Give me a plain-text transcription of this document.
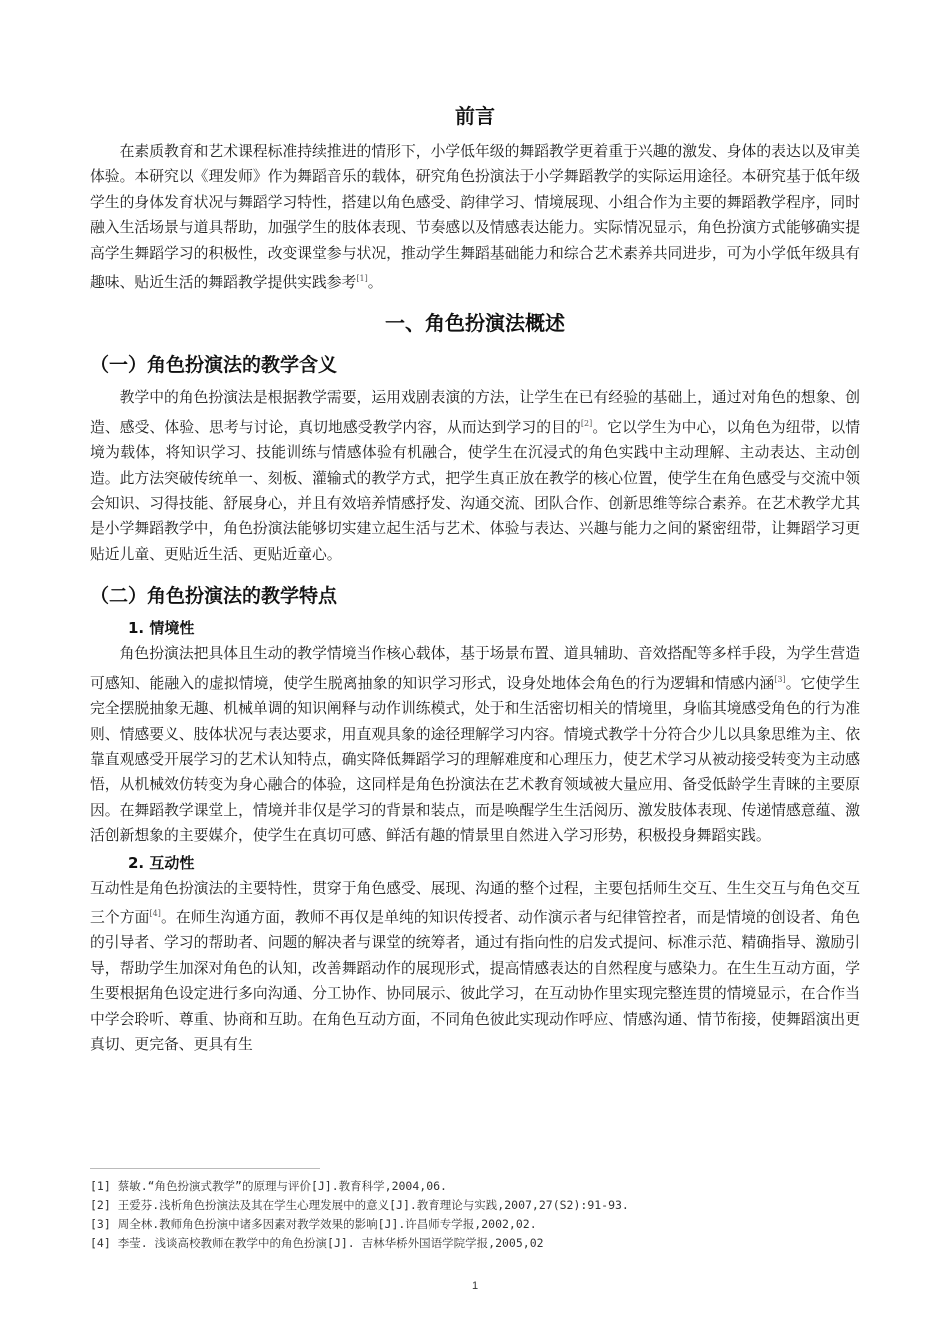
前言

在素质教育和艺术课程标准持续推进的情形下，小学低年级的舞蹈教学更着重于兴趣的激发、身体的表达以及审美体验。本研究以《理发师》作为舞蹈音乐的载体，研究角色扮演法于小学舞蹈教学的实际运用途径。本研究基于低年级学生的身体发育状况与舞蹈学习特性，搭建以角色感受、韵律学习、情境展现、小组合作为主要的舞蹈教学程序，同时融入生活场景与道具帮助，加强学生的肢体表现、节奏感以及情感表达能力。实际情况显示，角色扮演方式能够确实提高学生舞蹈学习的积极性，改变课堂参与状况，推动学生舞蹈基础能力和综合艺术素养共同进步，可为小学低年级具有趣味、贴近生活的舞蹈教学提供实践参考[1]。

一、角色扮演法概述
（一）角色扮演法的教学含义

教学中的角色扮演法是根据教学需要，运用戏剧表演的方法，让学生在已有经验的基础上，通过对角色的想象、创造、感受、体验、思考与讨论，真切地感受教学内容，从而达到学习的目的[2]。它以学生为中心，以角色为纽带，以情境为载体，将知识学习、技能训练与情感体验有机融合，使学生在沉浸式的角色实践中主动理解、主动表达、主动创造。此方法突破传统单一、刻板、灌输式的教学方式，把学生真正放在教学的核心位置，使学生在角色感受与交流中领会知识、习得技能、舒展身心，并且有效培养情感抒发、沟通交流、团队合作、创新思维等综合素养。在艺术教学尤其是小学舞蹈教学中，角色扮演法能够切实建立起生活与艺术、体验与表达、兴趣与能力之间的紧密纽带，让舞蹈学习更贴近儿童、更贴近生活、更贴近童心。

（二）角色扮演法的教学特点
1. 情境性

角色扮演法把具体且生动的教学情境当作核心载体，基于场景布置、道具辅助、音效搭配等多样手段，为学生营造可感知、能融入的虚拟情境，使学生脱离抽象的知识学习形式，设身处地体会角色的行为逻辑和情感内涵[3]。它使学生完全摆脱抽象无趣、机械单调的知识阐释与动作训练模式，处于和生活密切相关的情境里，身临其境感受角色的行为准则、情感要义、肢体状况与表达要求，用直观具象的途径理解学习内容。情境式教学十分符合少儿以具象思维为主、依靠直观感受开展学习的艺术认知特点，确实降低舞蹈学习的理解难度和心理压力，使艺术学习从被动接受转变为主动感悟，从机械效仿转变为身心融合的体验，这同样是角色扮演法在艺术教育领域被大量应用、备受低龄学生青睐的主要原因。在舞蹈教学课堂上，情境并非仅是学习的背景和装点，而是唤醒学生生活阅历、激发肢体表现、传递情感意蕴、激活创新想象的主要媒介，使学生在真切可感、鲜活有趣的情景里自然进入学习形势，积极投身舞蹈实践。

2. 互动性

互动性是角色扮演法的主要特性，贯穿于角色感受、展现、沟通的整个过程，主要包括师生交互、生生交互与角色交互三个方面[4]。在师生沟通方面，教师不再仅是单纯的知识传授者、动作演示者与纪律管控者，而是情境的创设者、角色的引导者、学习的帮助者、问题的解决者与课堂的统筹者，通过有指向性的启发式提问、标准示范、精确指导、激励引导，帮助学生加深对角色的认知，改善舞蹈动作的展现形式，提高情感表达的自然程度与感染力。在生生互动方面，学生要根据角色设定进行多向沟通、分工协作、协同展示、彼此学习，在互动协作里实现完整连贯的情境显示，在合作当中学会聆听、尊重、协商和互助。在角色互动方面，不同角色彼此实现动作呼应、情感沟通、情节衔接，使舞蹈演出更真切、更完备、更具有生

[1] 蔡敏.“角色扮演式教学”的原理与评价[J].教育科学,2004,06.
[2] 王爱芬.浅析角色扮演法及其在学生心理发展中的意义[J].教育理论与实践,2007,27(S2):91-93.
[3] 周全林.教师角色扮演中诸多因素对教学效果的影响[J].许昌师专学报,2002,02.
[4] 李莹. 浅谈高校教师在教学中的角色扮演[J]. 吉林华桥外国语学院学报,2005,02
1
